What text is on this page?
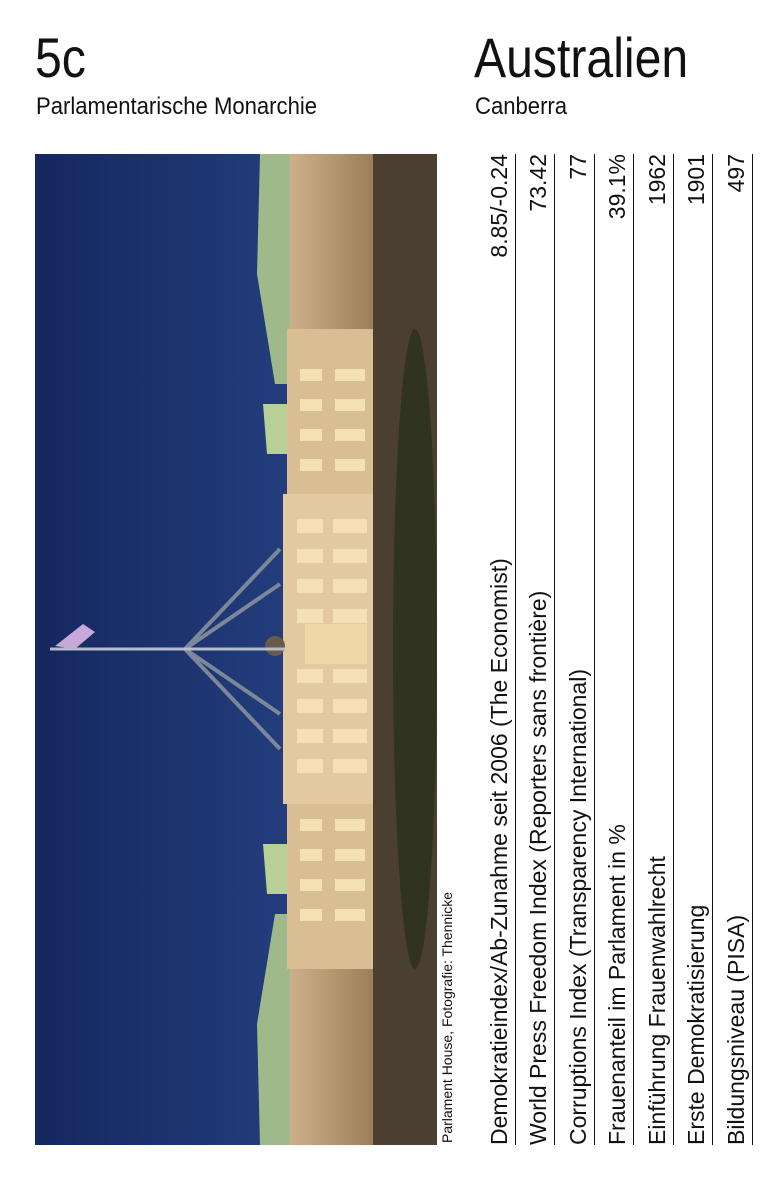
5c
Parlamentarische Monarchie
Australien
Canberra
Parlament House, Fotografie: Thennicke Demokratieindex/Ab-Zunahme seit 2006 (The Economist)
8.85/-0.24
World Press Freedom Index (Reporters sans frontière)
73.42
Corruptions Index (Transparency International)
77
Frauenanteil im Parlament in %
39.1%
Einführung Frauenwahlrecht
1962
Erste Demokratisierung
1901
Bildungsniveau (PISA)
497
